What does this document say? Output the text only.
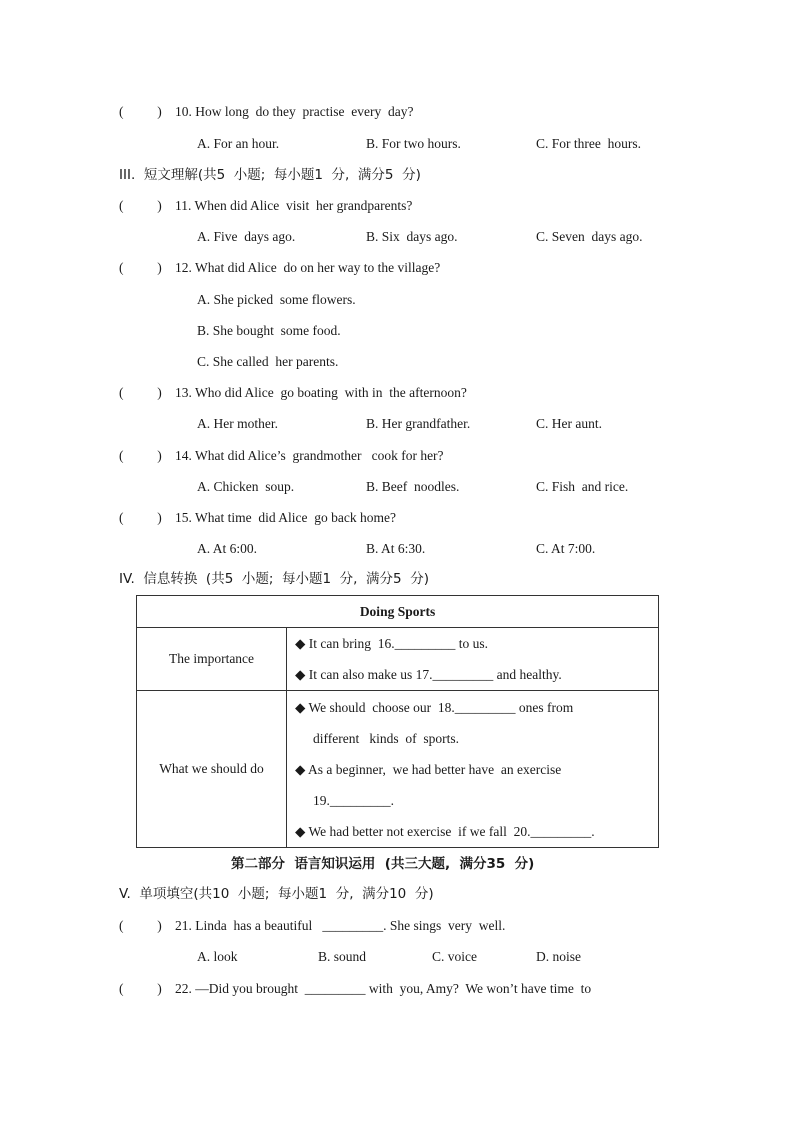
(          ) 10. How long  do they  practise  every  day?
A. For an hour.	B. For two hours.	C. For three  hours.
III.  短文理解(共5  小题;  每小题1  分,  满分5  分)
(          ) 11. When did Alice  visit  her grandparents?
A. Five  days ago.	B. Six  days ago.	C. Seven  days ago.
(          ) 12. What did Alice  do on her way to the village?
A. She picked  some flowers.
B. She bought  some food.
C. She called  her parents.
(          ) 13. Who did Alice  go boating  with in  the afternoon?
A. Her mother.	B. Her grandfather.	C. Her aunt.
(          ) 14. What did Alice’s  grandmother   cook for her?
A. Chicken  soup.	B. Beef  noodles.	C. Fish  and rice.
(          ) 15. What time  did Alice  go back home?
A. At 6:00.	B. At 6:30.	C. At 7:00.
IV.  信息转换  (共5  小题;  每小题1  分,  满分5  分)
Doing Sports	
The importance	◆ It can bring  16._________ to us.
◆ It can also make us 17._________ and healthy.

What we should do	◆ We should  choose our  18._________ ones from
different   kinds  of  sports.
◆ As a beginner,  we had better have  an exercise
19._________.
◆ We had better not exercise  if we fall  20._________.
第二部分  语言知识运用  (共三大题,  满分35  分)
V.  单项填空(共10  小题;  每小题1  分,  满分10  分)
(          ) 21. Linda  has a beautiful   _________. She sings  very  well.
A. look	B. sound	C. voice	D. noise
(          ) 22. —Did you brought  _________ with  you, Amy?  We won’t have time  to
